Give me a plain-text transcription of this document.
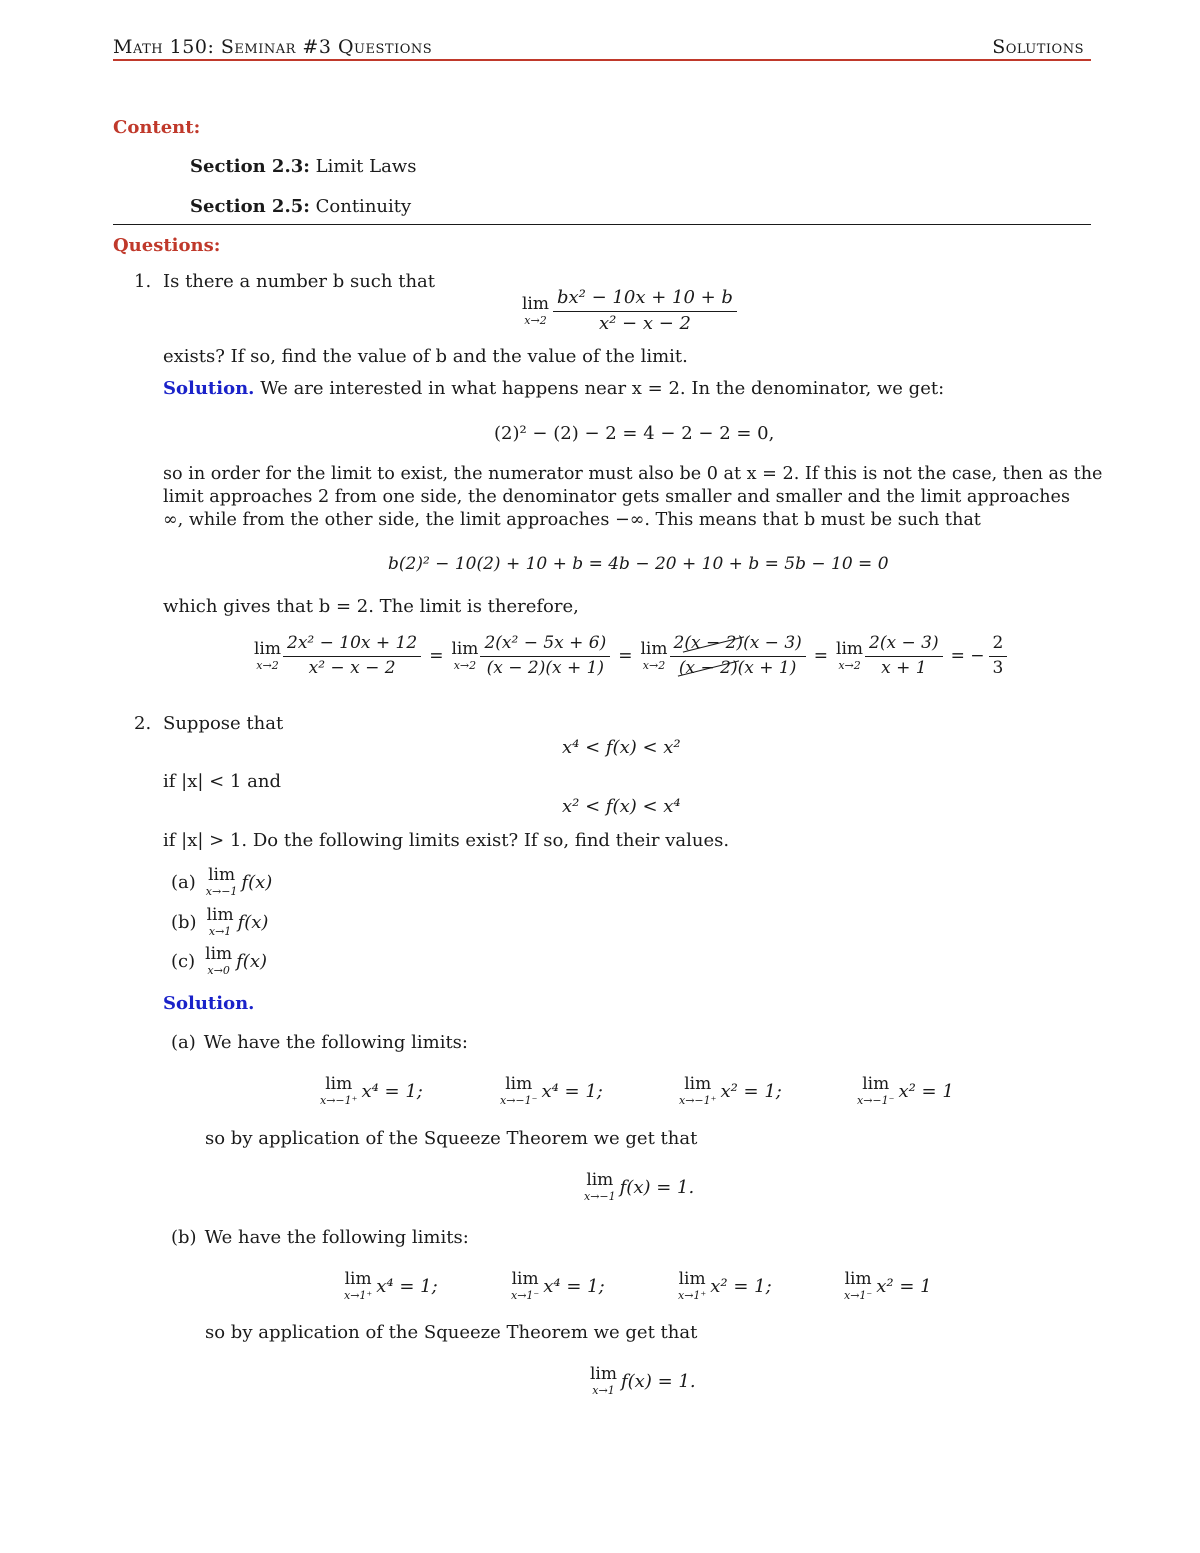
Math 150: Seminar #3 Questions	Solutions
Content:
Section 2.3: Limit Laws
Section 2.5: Continuity
Questions:
1. Is there a number b such that
lim
$x\to 2 \frac{\text{bx² − 10x + 10 + b}}{\text{x² − x − 2}}$
exists? If so, find the value of b and the value of the limit.
Solution. We are interested in what happens near x = 2. In the denominator, we get:
(2)² − (2) − 2 = 4 − 2 − 2 = 0,
so in order for the limit to exist, the numerator must also be 0 at x = 2. If this is not the case, then as the
limit approaches 2 from one side, the denominator gets smaller and smaller and the limit approaches
∞, while from the other side, the limit approaches −∞. This means that b must be such that
b(2)² − 10(2) + 10 + b = 4b − 20 + 10 + b = 5b − 10 = 0
which gives that b = 2. The limit is therefore,
lim
$x\to 2 \frac{\text{2x² − 10x + 12}}{\text{x² − x − 2}} = \lim$
$x\to 2 \frac{\text{2(x² − 5x + 6)}}{(x - 2)(x + 1)} = \lim$
$x\to 2 \frac{2(x - 2)(x - 3)}{(x - 2)(x + 1)} = \lim$
$x\to 2 \frac{2(x - 3)}{x + 1}$ = − $\frac{2}{3}$
2. Suppose that
x⁴ < f(x) < x²
if |x| < 1 and
x² < f(x) < x⁴
if |x| > 1. Do the following limits exist? If so, find their values.
(a) lim
x→−1 f(x)
(b) lim
x→1 f(x)
(c) lim
x→0 f(x)
Solution.
(a) We have the following limits:
lim
x→−1⁺ x⁴ = 1;	lim
x→−1⁻ x⁴ = 1;	lim
x→−1⁺ x² = 1;	lim
x→−1⁻ x² = 1
so by application of the Squeeze Theorem we get that
lim
x→−1 f(x) = 1.
(b) We have the following limits:
lim
x→1⁺ x⁴ = 1;	lim
x→1⁻ x⁴ = 1;	lim
x→1⁺ x² = 1;	lim
x→1⁻ x² = 1
so by application of the Squeeze Theorem we get that
lim
x→1 f(x) = 1.
